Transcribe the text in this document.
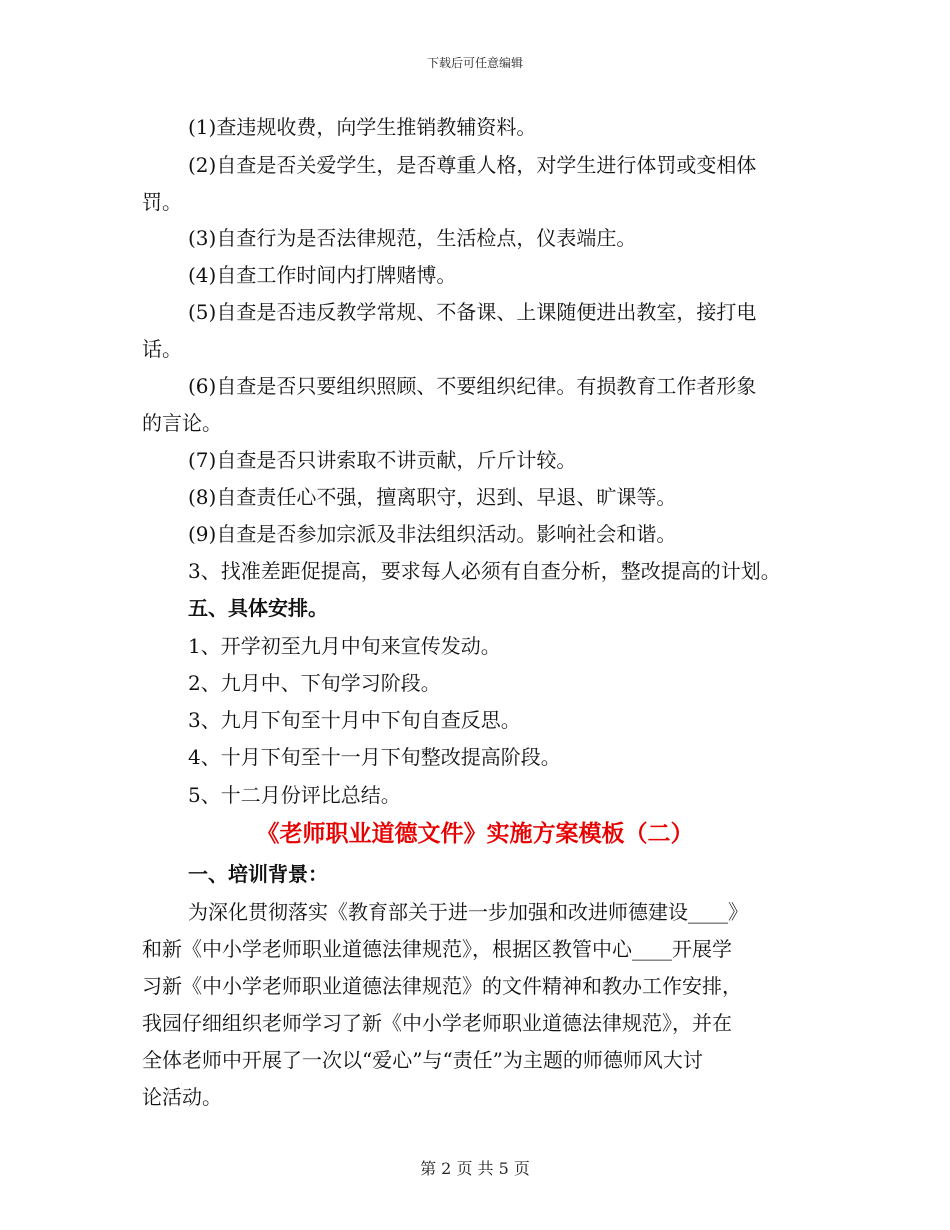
下载后可任意编辑
(1)查违规收费，向学生推销教辅资料。
(2)自查是否关爱学生，是否尊重人格，对学生进行体罚或变相体
罚。
(3)自查行为是否法律规范，生活检点，仪表端庄。
(4)自查工作时间内打牌赌博。
(5)自查是否违反教学常规、不备课、上课随便进出教室，接打电
话。
(6)自查是否只要组织照顾、不要组织纪律。有损教育工作者形象
的言论。
(7)自查是否只讲索取不讲贡献，斤斤计较。
(8)自查责任心不强，擅离职守，迟到、早退、旷课等。
(9)自查是否参加宗派及非法组织活动。影响社会和谐。
3、找准差距促提高，要求每人必须有自查分析，整改提高的计划。
五、具体安排。
1、开学初至九月中旬来宣传发动。
2、九月中、下旬学习阶段。
3、九月下旬至十月中下旬自查反思。
4、十月下旬至十一月下旬整改提高阶段。
5、十二月份评比总结。
《老师职业道德文件》实施方案模板（二）
一、培训背景：
为深化贯彻落实《教育部关于进一步加强和改进师德建设____》
和新《中小学老师职业道德法律规范》，根据区教管中心____开展学
习新《中小学老师职业道德法律规范》的文件精神和教办工作安排，
我园仔细组织老师学习了新《中小学老师职业道德法律规范》，并在
全体老师中开展了一次以“爱心”与“责任”为主题的师德师风大讨
论活动。
第 2 页 共 5 页
